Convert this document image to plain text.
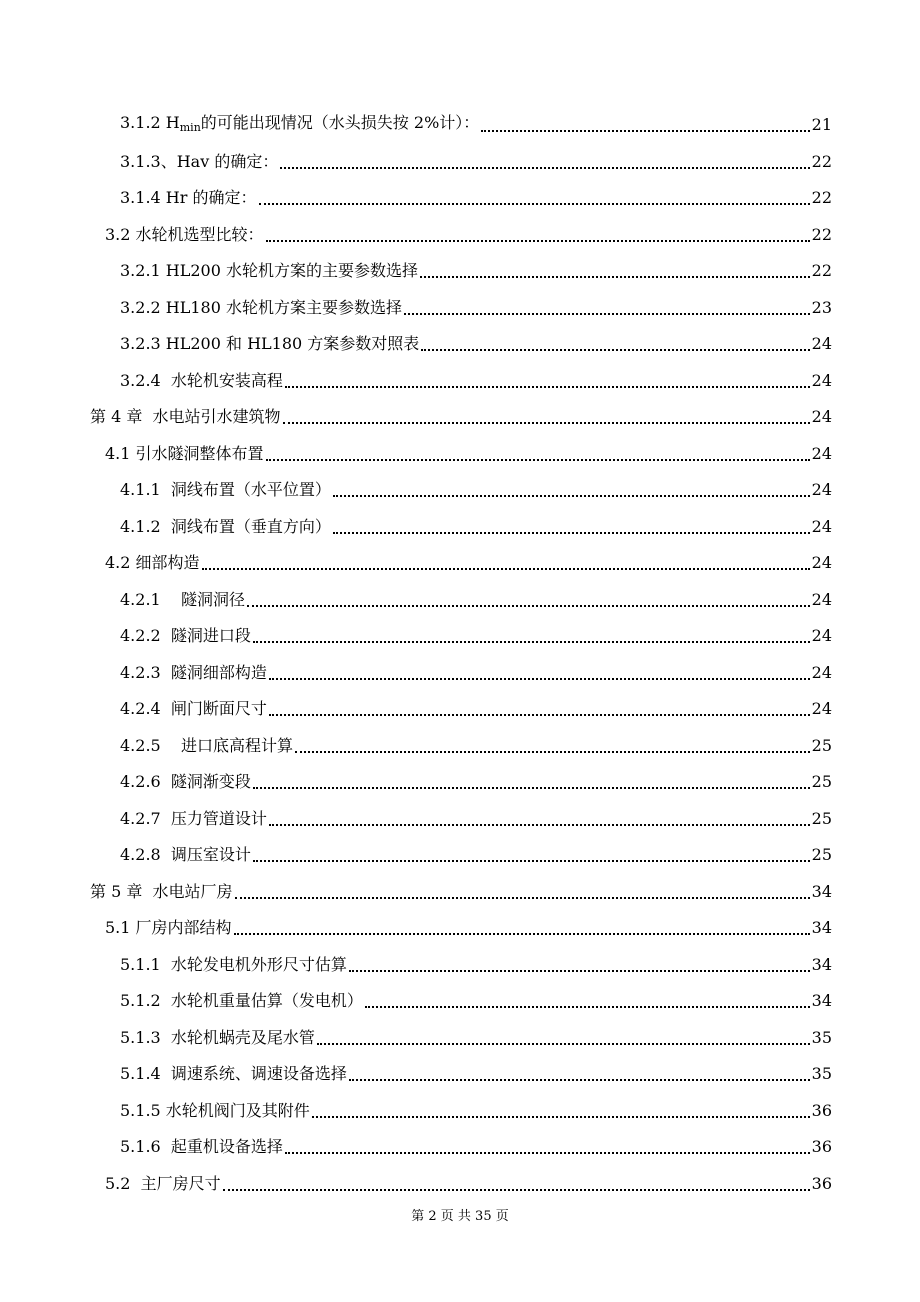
3.1.2 $H_{min}$的可能出现情况（水头损失按 2%计）：	21
3.1.3、Hav 的确定：	22
3.1.4 Hr 的确定：	22
3.2 水轮机选型比较：	22
3.2.1 HL200 水轮机方案的主要参数选择	22
3.2.2 HL180 水轮机方案主要参数选择	23
3.2.3 HL200 和 HL180 方案参数对照表	24
3.2.4  水轮机安装高程	24
第 4 章  水电站引水建筑物	24
4.1 引水隧洞整体布置	24
4.1.1  洞线布置（水平位置）	24
4.1.2  洞线布置（垂直方向）	24
4.2 细部构造	24
4.2.1    隧洞洞径	24
4.2.2  隧洞进口段	24
4.2.3  隧洞细部构造	24
4.2.4  闸门断面尺寸	24
4.2.5    进口底高程计算	25
4.2.6  隧洞渐变段	25
4.2.7  压力管道设计	25
4.2.8  调压室设计	25
第 5 章  水电站厂房	34
5.1 厂房内部结构	34
5.1.1  水轮发电机外形尺寸估算	34
5.1.2  水轮机重量估算（发电机）	34
5.1.3  水轮机蜗壳及尾水管	35
5.1.4  调速系统、调速设备选择	35
5.1.5 水轮机阀门及其附件	36
5.1.6  起重机设备选择	36
5.2  主厂房尺寸	36
第 2 页 共 35 页
